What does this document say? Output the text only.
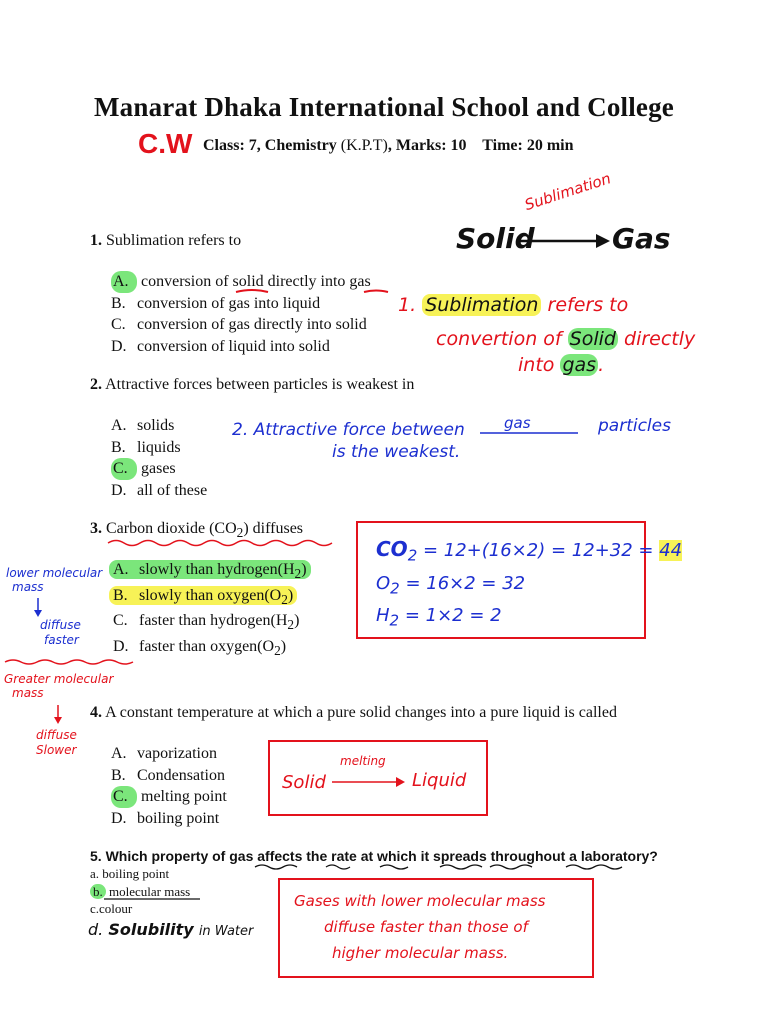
Manarat Dhaka International School and College
C.W Class: 7, Chemistry (K.P.T), Marks: 10 Time: 20 min
1. Sublimation refers to
A. conversion of solid directly into gas
B. conversion of gas into liquid
C. conversion of gas directly into solid
D. conversion of liquid into solid
Solid	Gas
Sublimation
1. Sublimation refers to
convertion of Solid directly
into gas .
2. Attractive forces between particles is weakest in
A. solids
B. liquids
C. gases
D. all of these
2. Attractive force between	gas	particles
is the weakest.
3. Carbon dioxide $(CO_2)$ diffuses
A. slowly than $hydrogen(H_2)$
B. slowly than $oxygen(O_2)$
C. faster than $hydrogen(H_2)$
D. faster than $oxygen(O_2)$
$CO_2 = 12+(16\times 2) = 12+32 = 44$
$O_2 = 16\times 2 = 32$
$H_2 = 1\times 2 = 2$
lower molecular
mass
diffuse
faster
Greater molecular
mass
diffuse
Slower
4. A constant temperature at which a pure solid changes into a pure liquid is called
A. vaporization
B. Condensation
C. melting point
D. boiling point
Solid
melting
Liquid
5. Which property of gas affects the rate at which it spreads throughout a laboratory?
a. boiling point
b. molecular mass
c.colour
d. Solubility in Water
Gases with lower molecular mass
diffuse faster than those of
higher molecular mass.
